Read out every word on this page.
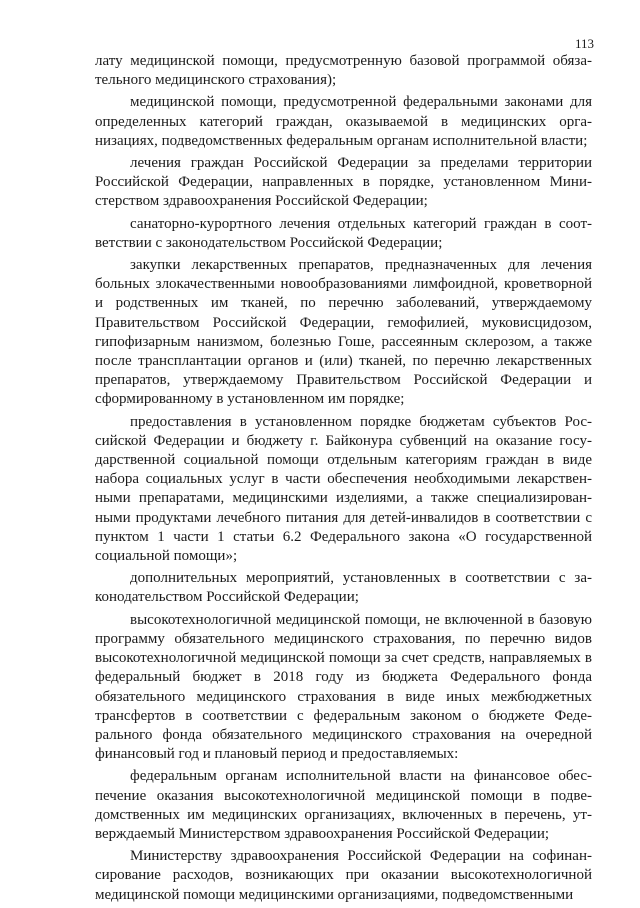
113

лату медицинской помощи, предусмотренную базовой программой обязательного медицинского страхования);

медицинской помощи, предусмотренной федеральными законами для определенных категорий граждан, оказываемой в медицинских организациях, подведомственных федеральным органам исполнительной власти;

лечения граждан Российской Федерации за пределами территории Российской Федерации, направленных в порядке, установленном Министерством здравоохранения Российской Федерации;

санаторно-курортного лечения отдельных категорий граждан в соответствии с законодательством Российской Федерации;

закупки лекарственных препаратов, предназначенных для лечения больных злокачественными новообразованиями лимфоидной, кроветворной и родственных им тканей, по перечню заболеваний, утверждаемому Правительством Российской Федерации, гемофилией, муковисцидозом, гипофизарным нанизмом, болезнью Гоше, рассеянным склерозом, а также после трансплантации органов и (или) тканей, по перечню лекарственных препаратов, утверждаемому Правительством Российской Федерации и сформированному в установленном им порядке;

предоставления в установленном порядке бюджетам субъектов Российской Федерации и бюджету г. Байконура субвенций на оказание государственной социальной помощи отдельным категориям граждан в виде набора социальных услуг в части обеспечения необходимыми лекарственными препаратами, медицинскими изделиями, а также специализированными продуктами лечебного питания для детей-инвалидов в соответствии с пунктом 1 части 1 статьи 6.2 Федерального закона «О государственной социальной помощи»;

дополнительных мероприятий, установленных в соответствии с законодательством Российской Федерации;

высокотехнологичной медицинской помощи, не включенной в базовую программу обязательного медицинского страхования, по перечню видов высокотехнологичной медицинской помощи за счет средств, направляемых в федеральный бюджет в 2018 году из бюджета Федерального фонда обязательного медицинского страхования в виде иных межбюджетных трансфертов в соответствии с федеральным законом о бюджете Федерального фонда обязательного медицинского страхования на очередной финансовый год и плановый период и предоставляемых:

федеральным органам исполнительной власти на финансовое обеспечение оказания высокотехнологичной медицинской помощи в подведомственных им медицинских организациях, включенных в перечень, утверждаемый Министерством здравоохранения Российской Федерации;

Министерству здравоохранения Российской Федерации на софинансирование расходов, возникающих при оказании высокотехнологичной медицинской помощи медицинскими организациями, подведомственными
